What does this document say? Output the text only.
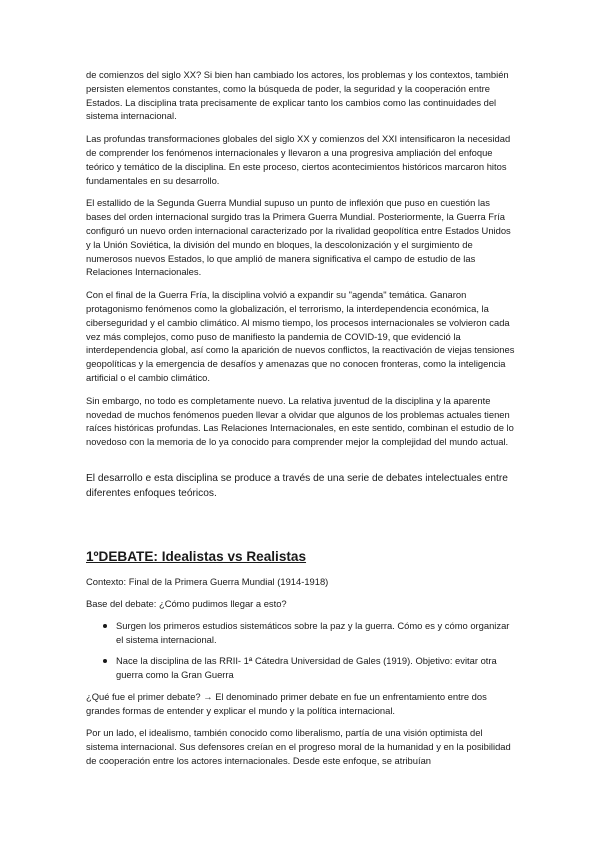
de comienzos del siglo XX? Si bien han cambiado los actores, los problemas y los contextos, también persisten elementos constantes, como la búsqueda de poder, la seguridad y la cooperación entre Estados. La disciplina trata precisamente de explicar tanto los cambios como las continuidades del sistema internacional.

Las profundas transformaciones globales del siglo XX y comienzos del XXI intensificaron la necesidad de comprender los fenómenos internacionales y llevaron a una progresiva ampliación del enfoque teórico y temático de la disciplina. En este proceso, ciertos acontecimientos históricos marcaron hitos fundamentales en su desarrollo.

El estallido de la Segunda Guerra Mundial supuso un punto de inflexión que puso en cuestión las bases del orden internacional surgido tras la Primera Guerra Mundial. Posteriormente, la Guerra Fría configuró un nuevo orden internacional caracterizado por la rivalidad geopolítica entre Estados Unidos y la Unión Soviética, la división del mundo en bloques, la descolonización y el surgimiento de numerosos nuevos Estados, lo que amplió de manera significativa el campo de estudio de las Relaciones Internacionales.

Con el final de la Guerra Fría, la disciplina volvió a expandir su "agenda" temática. Ganaron protagonismo fenómenos como la globalización, el terrorismo, la interdependencia económica, la ciberseguridad y el cambio climático. Al mismo tiempo, los procesos internacionales se volvieron cada vez más complejos, como puso de manifiesto la pandemia de COVID-19, que evidenció la interdependencia global, así como la aparición de nuevos conflictos, la reactivación de viejas tensiones geopolíticas y la emergencia de desafíos y amenazas que no conocen fronteras, como la inteligencia artificial o el cambio climático.

Sin embargo, no todo es completamente nuevo. La relativa juventud de la disciplina y la aparente novedad de muchos fenómenos pueden llevar a olvidar que algunos de los problemas actuales tienen raíces históricas profundas. Las Relaciones Internacionales, en este sentido, combinan el estudio de lo novedoso con la memoria de lo ya conocido para comprender mejor la complejidad del mundo actual.

El desarrollo e esta disciplina se produce a través de una serie de debates intelectuales entre diferentes enfoques teóricos.

1ºDEBATE: Idealistas vs Realistas

Contexto: Final de la Primera Guerra Mundial (1914-1918)

Base del debate: ¿Cómo pudimos llegar a esto?

Surgen los primeros estudios sistemáticos sobre la paz y la guerra. Cómo es y cómo organizar el sistema internacional.
Nace la disciplina de las RRII- 1ª Cátedra Universidad de Gales (1919). Objetivo: evitar otra guerra como la Gran Guerra

¿Qué fue el primer debate? → El denominado primer debate en fue un enfrentamiento entre dos grandes formas de entender y explicar el mundo y la política internacional.

Por un lado, el idealismo, también conocido como liberalismo, partía de una visión optimista del sistema internacional. Sus defensores creían en el progreso moral de la humanidad y en la posibilidad de cooperación entre los actores internacionales. Desde este enfoque, se atribuían
